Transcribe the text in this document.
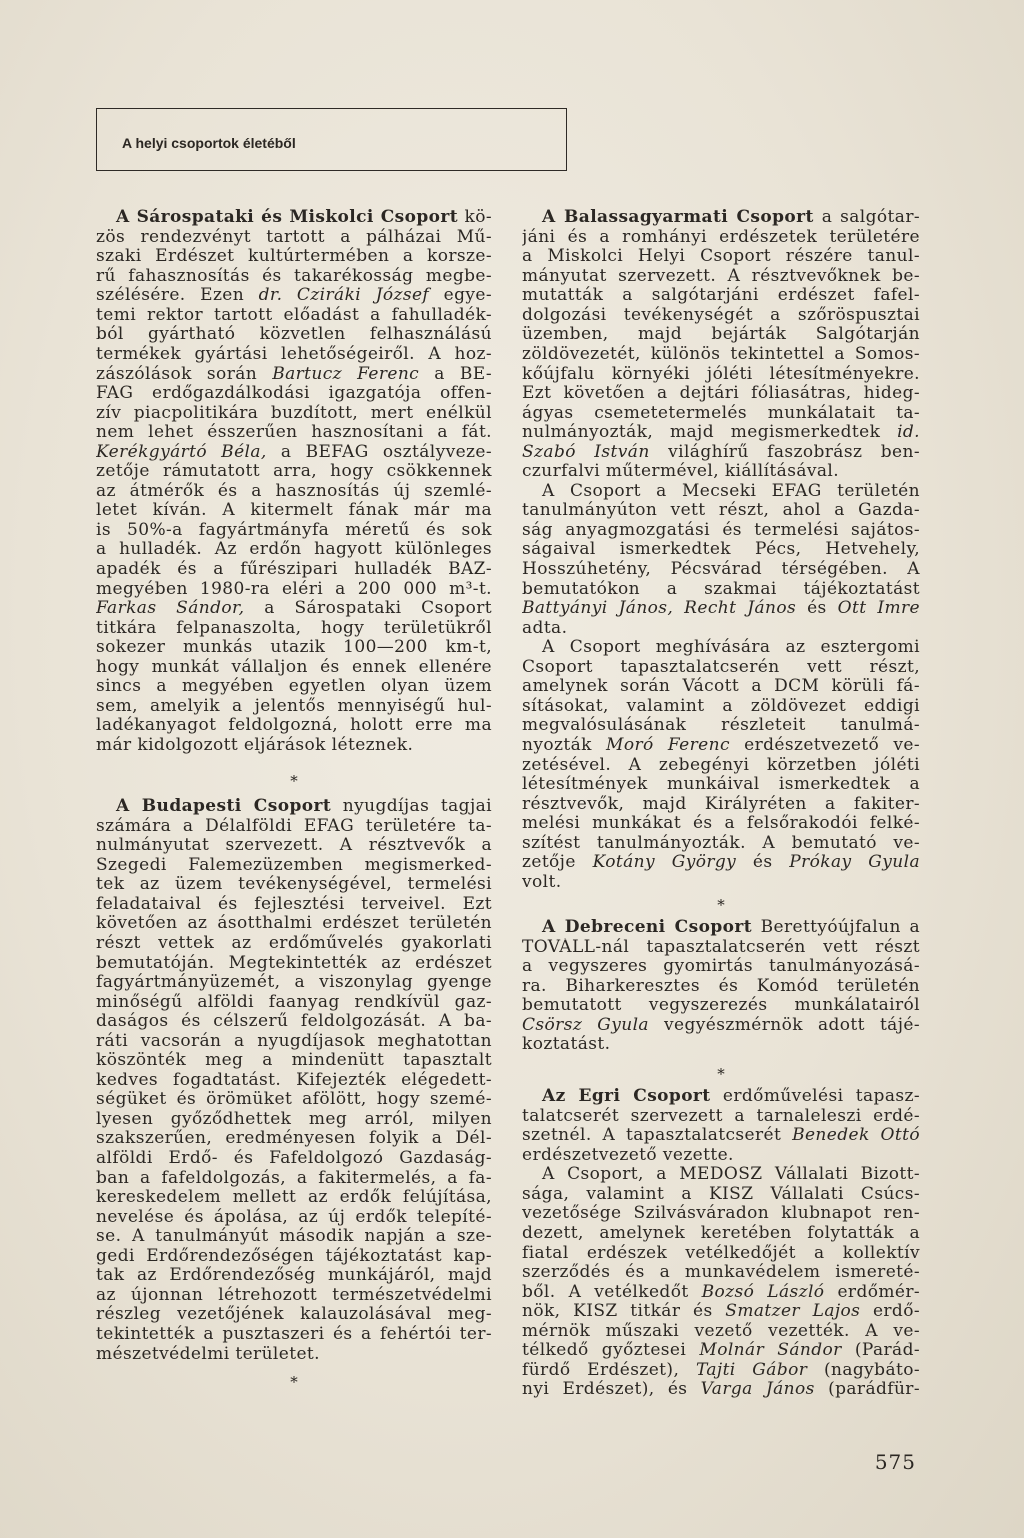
A helyi csoportok életéből
A Sárospataki és Miskolci Csoport kö-
zös rendezvényt tartott a pálházai Mű-
szaki Erdészet kultúrtermében a korsze-
rű fahasznosítás és takarékosság megbe-
szélésére. Ezen dr. Cziráki József egye-
temi rektor tartott előadást a fahulladék-
ból gyártható közvetlen felhasználású
termékek gyártási lehetőségeiről. A hoz-
zászólások során Bartucz Ferenc a BE-
FAG erdőgazdálkodási igazgatója offen-
zív piacpolitikára buzdított, mert enélkül
nem lehet ésszerűen hasznosítani a fát.
Kerékgyártó Béla, a BEFAG osztályveze-
zetője rámutatott arra, hogy csökkennek
az átmérők és a hasznosítás új szemlé-
letet kíván. A kitermelt fának már ma
is 50%-a fagyártmányfa méretű és sok
a hulladék. Az erdőn hagyott különleges
apadék és a fűrészipari hulladék BAZ-
megyében 1980-ra eléri a 200 000 m³-t.
Farkas Sándor, a Sárospataki Csoport
titkára felpanaszolta, hogy területükről
sokezer munkás utazik 100—200 km-t,
hogy munkát vállaljon és ennek ellenére
sincs a megyében egyetlen olyan üzem
sem, amelyik a jelentős mennyiségű hul-
ladékanyagot feldolgozná, holott erre ma
már kidolgozott eljárások léteznek.
*
A Budapesti Csoport nyugdíjas tagjai
számára a Délalföldi EFAG területére ta-
nulmányutat szervezett. A résztvevők a
Szegedi Falemezüzemben megismerked-
tek az üzem tevékenységével, termelési
feladataival és fejlesztési terveivel. Ezt
követően az ásotthalmi erdészet területén
részt vettek az erdőművelés gyakorlati
bemutatóján. Megtekintették az erdészet
fagyártmányüzemét, a viszonylag gyenge
minőségű alföldi faanyag rendkívül gaz-
daságos és célszerű feldolgozását. A ba-
ráti vacsorán a nyugdíjasok meghatottan
köszönték meg a mindenütt tapasztalt
kedves fogadtatást. Kifejezték elégedett-
ségüket és örömüket afölött, hogy szemé-
lyesen győződhettek meg arról, milyen
szakszerűen, eredményesen folyik a Dél-
alföldi Erdő- és Fafeldolgozó Gazdaság-
ban a fafeldolgozás, a fakitermelés, a fa-
kereskedelem mellett az erdők felújítása,
nevelése és ápolása, az új erdők telepíté-
se. A tanulmányút második napján a sze-
gedi Erdőrendezőségen tájékoztatást kap-
tak az Erdőrendezőség munkájáról, majd
az újonnan létrehozott természetvédelmi
részleg vezetőjének kalauzolásával meg-
tekintették a pusztaszeri és a fehértói ter-
mészetvédelmi területet.
*
A Balassagyarmati Csoport a salgótar-
jáni és a romhányi erdészetek területére
a Miskolci Helyi Csoport részére tanul-
mányutat szervezett. A résztvevőknek be-
mutatták a salgótarjáni erdészet fafel-
dolgozási tevékenységét a szőröspusztai
üzemben, majd bejárták Salgótarján
zöldövezetét, különös tekintettel a Somos-
kőújfalu környéki jóléti létesítményekre.
Ezt követően a dejtári fóliasátras, hideg-
ágyas csemetetermelés munkálatait ta-
nulmányozták, majd megismerkedtek id.
Szabó István világhírű faszobrász ben-
czurfalvi műtermével, kiállításával.
A Csoport a Mecseki EFAG területén
tanulmányúton vett részt, ahol a Gazda-
ság anyagmozgatási és termelési sajátos-
ságaival ismerkedtek Pécs, Hetvehely,
Hosszúhetény, Pécsvárad térségében. A
bemutatókon a szakmai tájékoztatást
Battyányi János, Recht János és Ott Imre
adta.
A Csoport meghívására az esztergomi
Csoport tapasztalatcserén vett részt,
amelynek során Vácott a DCM körüli fá-
sításokat, valamint a zöldövezet eddigi
megvalósulásának részleteit tanulmá-
nyozták Moró Ferenc erdészetvezető ve-
zetésével. A zebegényi körzetben jóléti
létesítmények munkáival ismerkedtek a
résztvevők, majd Királyréten a fakiter-
melési munkákat és a felsőrakodói felké-
szítést tanulmányozták. A bemutató ve-
zetője Kotány György és Prókay Gyula
volt.
*
A Debreceni Csoport Berettyóújfalun a
TÖVÁLL-nál tapasztalatcserén vett részt
a vegyszeres gyomirtás tanulmányozásá-
ra. Biharkeresztes és Komód területén
bemutatott vegyszerezés munkálatairól
Csörsz Gyula vegyészmérnök adott tájé-
koztatást.
*
Az Egri Csoport erdőművelési tapasz-
talatcserét szervezett a tarnaleleszi erdé-
szetnél. A tapasztalatcserét Benedek Ottó
erdészetvezető vezette.
A Csoport, a MEDOSZ Vállalati Bizott-
sága, valamint a KISZ Vállalati Csúcs-
vezetősége Szilvásváradon klubnapot ren-
dezett, amelynek keretében folytatták a
fiatal erdészek vetélkedőjét a kollektív
szerződés és a munkavédelem ismereté-
ből. A vetélkedőt Bozsó László erdőmér-
nök, KISZ titkár és Smatzer Lajos erdő-
mérnök műszaki vezető vezették. A ve-
télkedő győztesei Molnár Sándor (Parád-
fürdő Erdészet), Tajti Gábor (nagybáto-
nyi Erdészet), és Varga János (parádfür-
575
